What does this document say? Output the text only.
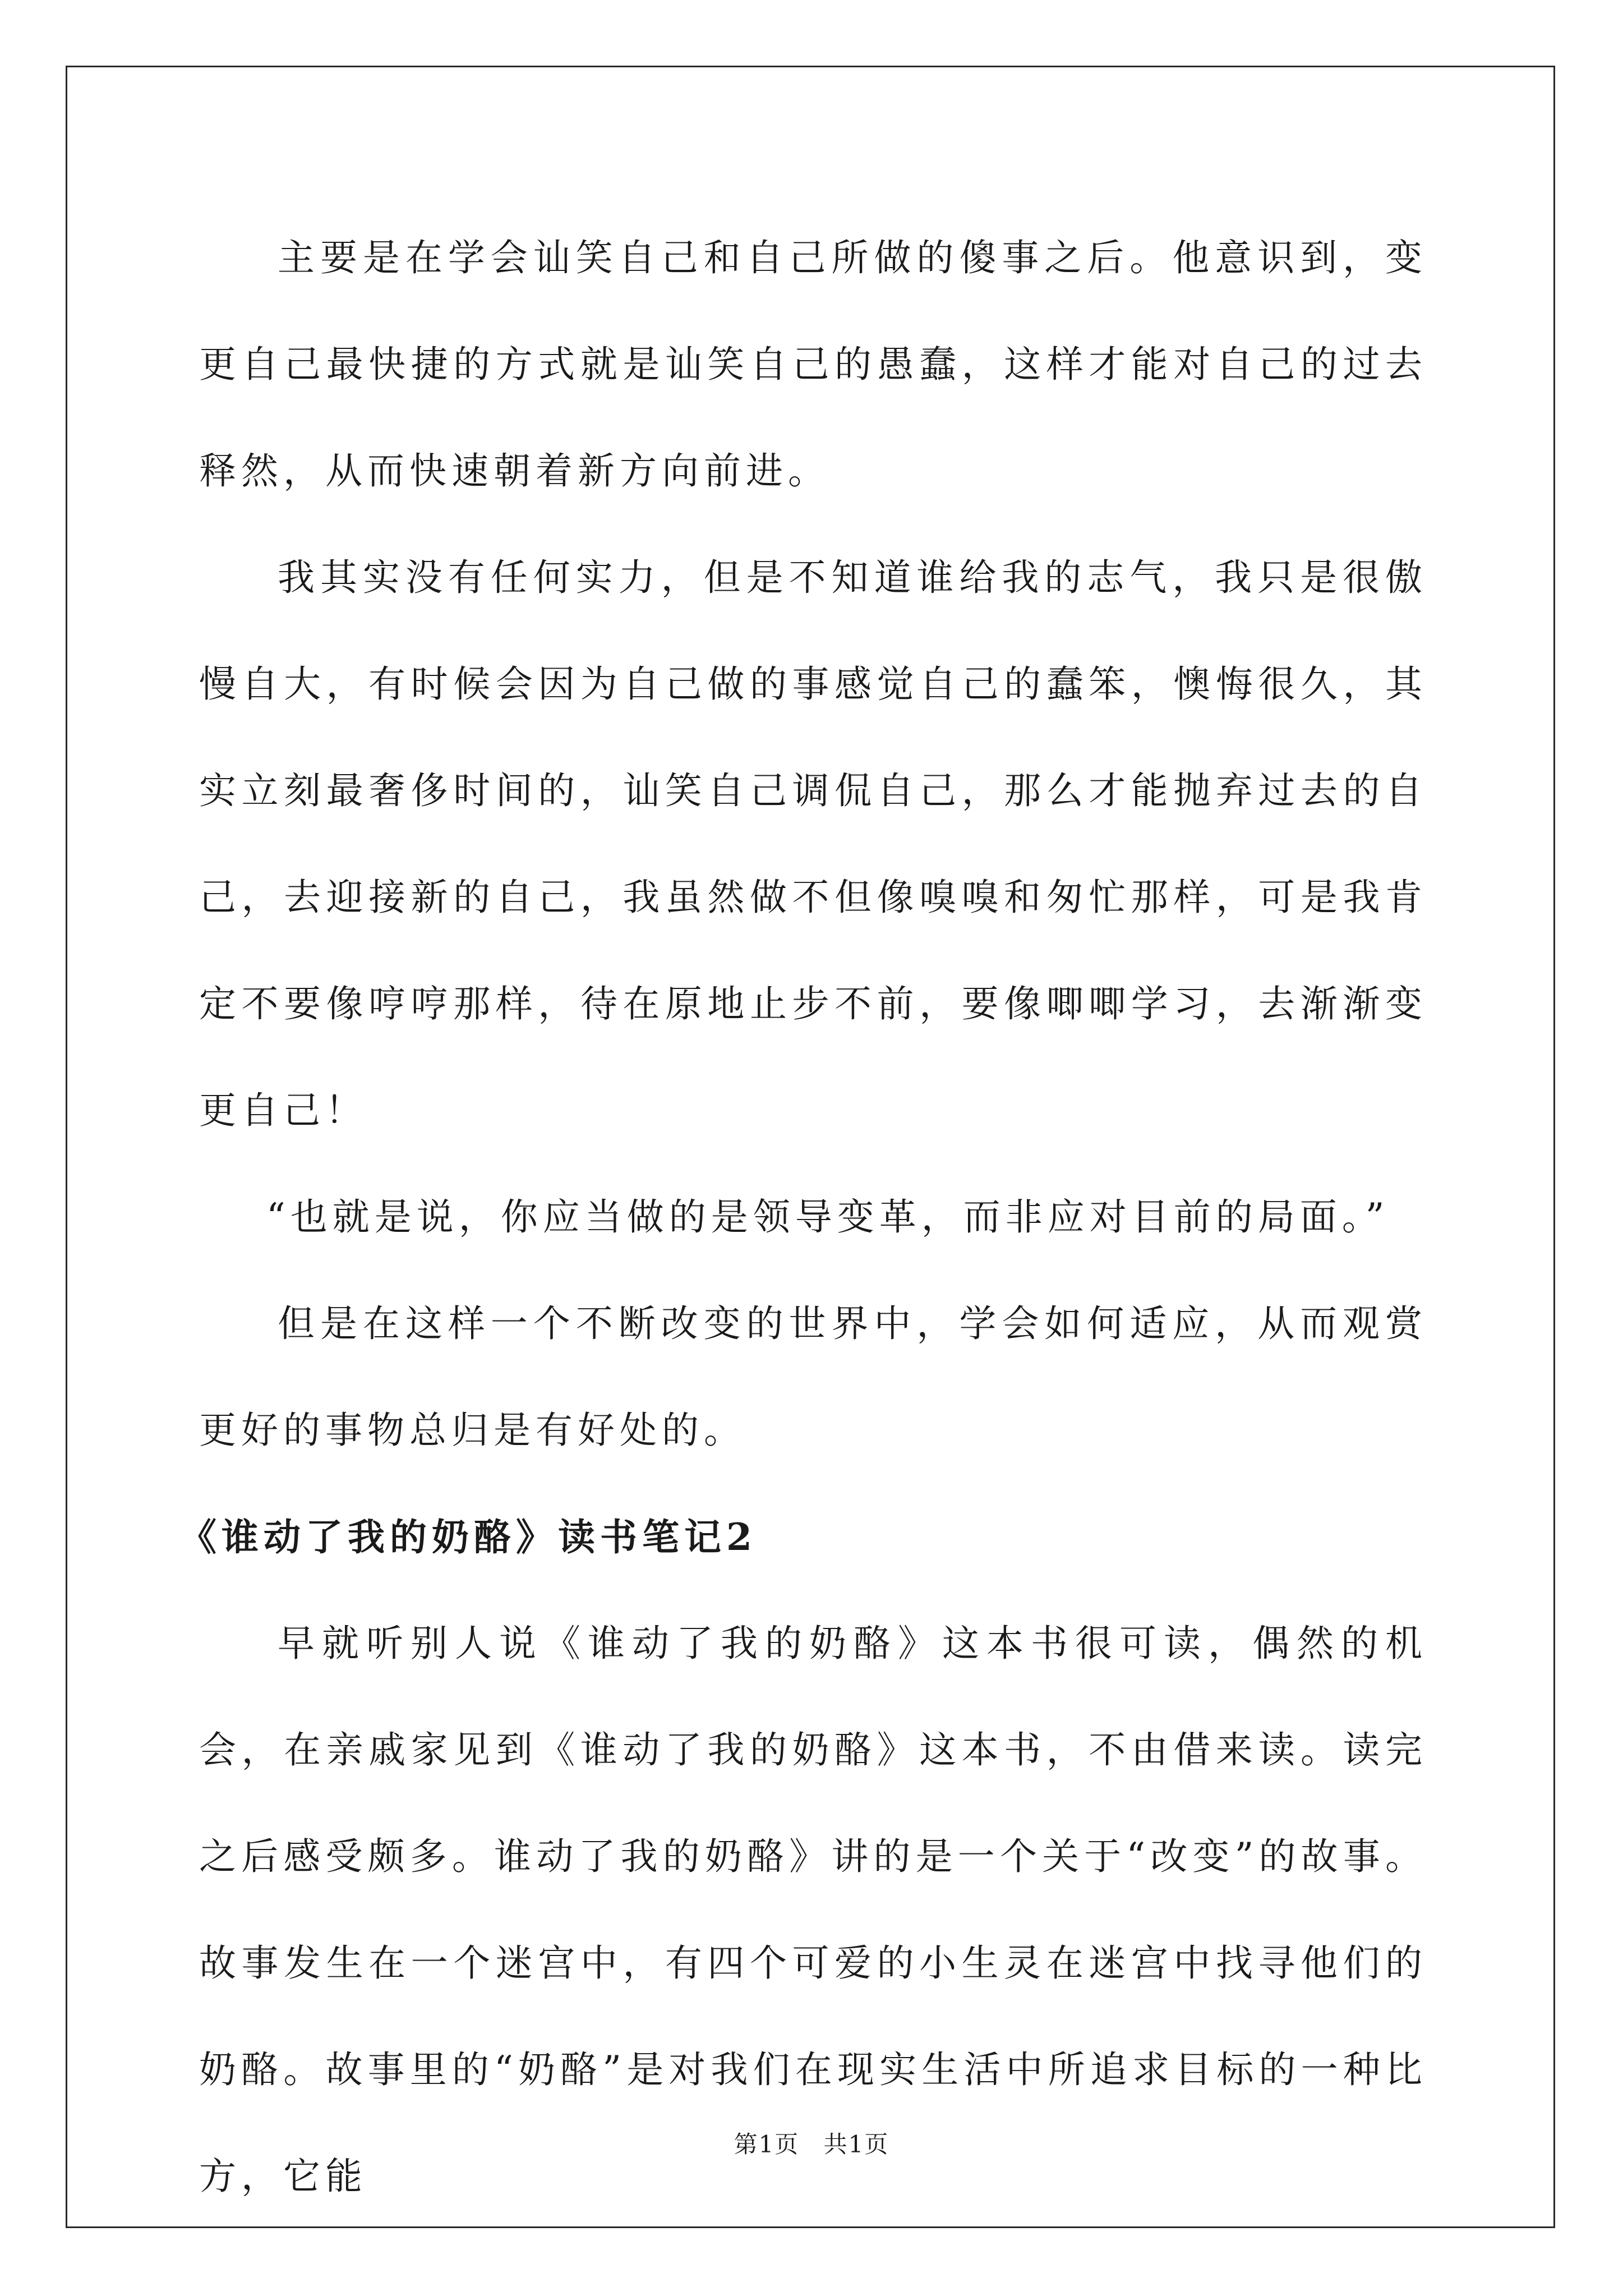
主要是在学会讪笑自己和自己所做的傻事之后。他意识到，变更自己最快捷的方式就是讪笑自己的愚蠢，这样才能对自己的过去释然，从而快速朝着新方向前进。

我其实没有任何实力，但是不知道谁给我的志气，我只是很傲慢自大，有时候会因为自己做的事感觉自己的蠢笨，懊悔很久，其实立刻最奢侈时间的，讪笑自己调侃自己，那么才能抛弃过去的自己，去迎接新的自己，我虽然做不但像嗅嗅和匆忙那样，可是我肯定不要像哼哼那样，待在原地止步不前，要像唧唧学习，去渐渐变更自己！

“也就是说，你应当做的是领导变革，而非应对目前的局面。”

但是在这样一个不断改变的世界中，学会如何适应，从而观赏更好的事物总归是有好处的。

《谁动了我的奶酪》读书笔记2

早就听别人说《谁动了我的奶酪》这本书很可读，偶然的机会，在亲戚家见到《谁动了我的奶酪》这本书，不由借来读。读完之后感受颇多。谁动了我的奶酪》讲的是一个关于“改变”的故事。故事发生在一个迷宫中，有四个可爱的小生灵在迷宫中找寻他们的奶酪。故事里的“奶酪”是对我们在现实生活中所追求目标的一种比方，它能

第1页 共1页
